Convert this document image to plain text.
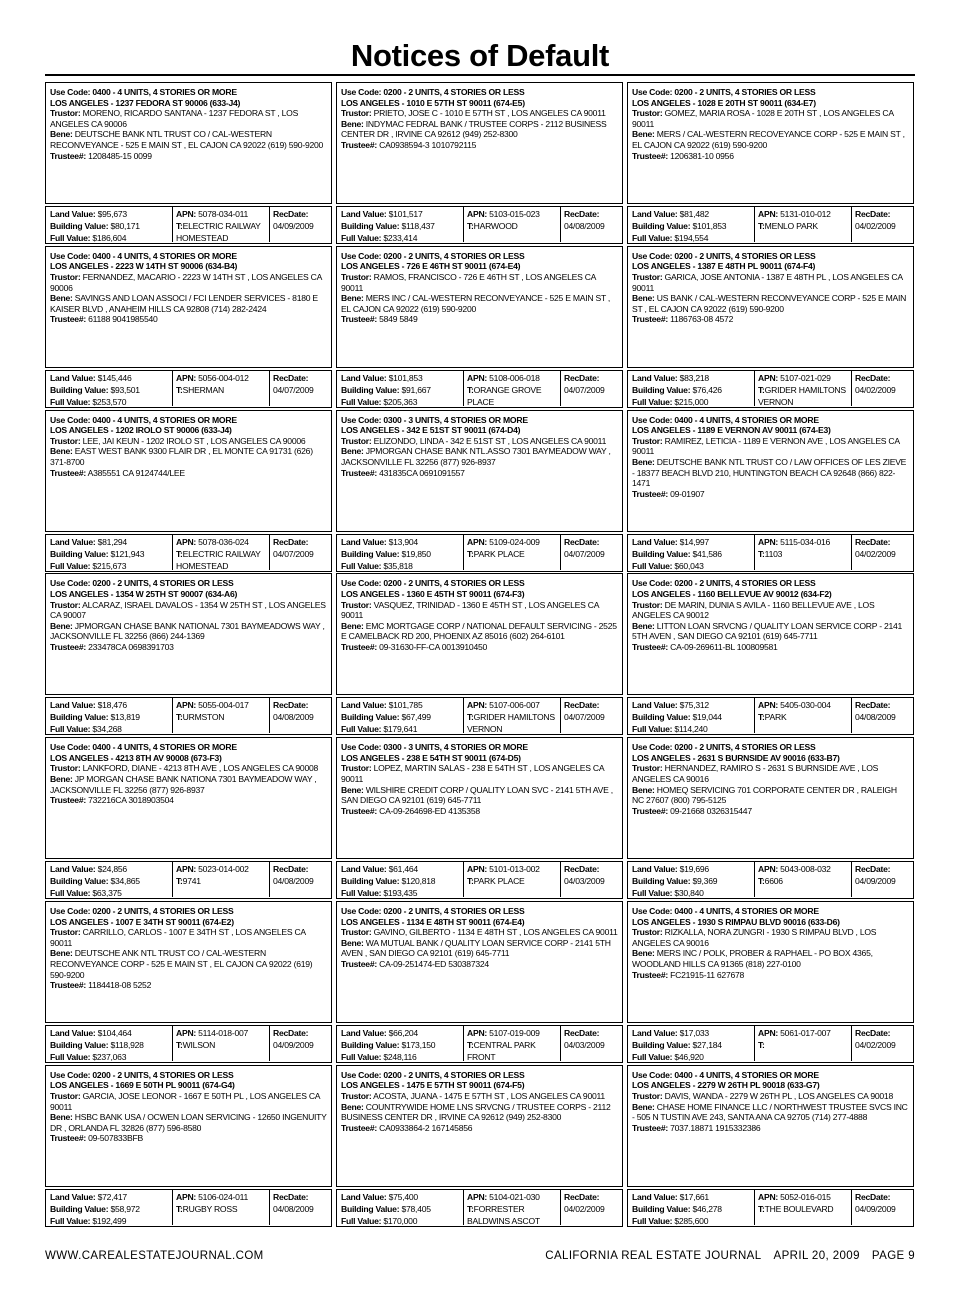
Notices of Default
Use Code: 0400 - 4 UNITS, 4 STORIES OR MORE
LOS ANGELES - 1237 FEDORA ST 90006 (633-J4)
Trustor: MORENO, RICARDO SANTANA - 1237 FEDORA ST , LOS ANGELES CA 90006
Bene: DEUTSCHE BANK NTL TRUST CO / CAL-WESTERN RECONVEYANCE - 525 E MAIN ST , EL CAJON CA 92022 (619) 590-9200
Trustee#: 1208485-15 0099
Land Value: $95,673
Building Value: $80,171
Full Value: $186,604
APN: 5078-034-011
T:ELECTRIC RAILWAY
HOMESTEAD
RecDate:
04/09/2009
Use Code: 0400 - 4 UNITS, 4 STORIES OR MORE
LOS ANGELES - 2223 W 14TH ST 90006 (634-B4)
Trustor: FERNANDEZ, MACARIO - 2223 W 14TH ST , LOS ANGELES CA 90006
Bene: SAVINGS AND LOAN ASSOCI / FCI LENDER SERVICES - 8180 E KAISER BLVD , ANAHEIM HILLS CA 92808 (714) 282-2424
Trustee#: 61188 9041985540
Land Value: $145,446
Building Value: $93,501
Full Value: $253,570
APN: 5056-004-012
T:SHERMAN
RecDate:
04/07/2009
Use Code: 0400 - 4 UNITS, 4 STORIES OR MORE
LOS ANGELES - 1202 IROLO ST 90006 (633-J4)
Trustor: LEE, JAI KEUN - 1202 IROLO ST , LOS ANGELES CA 90006
Bene: EAST WEST BANK 9300 FLAIR DR , EL MONTE CA 91731 (626) 371-8700
Trustee#: A385551 CA 9124744/LEE
Land Value: $81,294
Building Value: $121,943
Full Value: $215,673
APN: 5078-036-024
T:ELECTRIC RAILWAY
HOMESTEAD
RecDate:
04/07/2009
Use Code: 0200 - 2 UNITS, 4 STORIES OR LESS
LOS ANGELES - 1354 W 25TH ST 90007 (634-A6)
Trustor: ALCARAZ, ISRAEL DAVALOS - 1354 W 25TH ST , LOS ANGELES CA 90007
Bene: JPMORGAN CHASE BANK NATIONAL 7301 BAYMEADOWS WAY , JACKSONVILLE FL 32256 (866) 244-1369
Trustee#: 233478CA 0698391703
Land Value: $18,476
Building Value: $13,819
Full Value: $34,268
APN: 5055-004-017
T:URMSTON
RecDate:
04/08/2009
Use Code: 0400 - 4 UNITS, 4 STORIES OR MORE
LOS ANGELES - 4213 8TH AV 90008 (673-F3)
Trustor: LANKFORD, DIANE - 4213 8TH AVE , LOS ANGELES CA 90008
Bene: JP MORGAN CHASE BANK NATIONA 7301 BAYMEADOW WAY , JACKSONVILLE FL 32256 (877) 926-8937
Trustee#: 732216CA 3018903504
Land Value: $24,856
Building Value: $34,865
Full Value: $63,375
APN: 5023-014-002
T:9741
RecDate:
04/08/2009
Use Code: 0200 - 2 UNITS, 4 STORIES OR LESS
LOS ANGELES - 1007 E 34TH ST 90011 (674-E2)
Trustor: CARRILLO, CARLOS - 1007 E 34TH ST , LOS ANGELES CA 90011
Bene: DEUTSCHE ANK NTL TRUST CO / CAL-WESTERN RECONVEYANCE CORP - 525 E MAIN ST , EL CAJON CA 92022 (619) 590-9200
Trustee#: 1184418-08 5252
Land Value: $104,464
Building Value: $118,928
Full Value: $237,063
APN: 5114-018-007
T:WILSON
RecDate:
04/09/2009
Use Code: 0200 - 2 UNITS, 4 STORIES OR LESS
LOS ANGELES - 1669 E 50TH PL 90011 (674-G4)
Trustor: GARCIA, JOSE LEONOR - 1667 E 50TH PL , LOS ANGELES CA 90011
Bene: HSBC BANK USA / OCWEN LOAN SERVICING - 12650 INGENUITY DR , ORLANDA FL 32826 (877) 596-8580
Trustee#: 09-507833BFB
Land Value: $72,417
Building Value: $58,972
Full Value: $192,499
APN: 5106-024-011
T:RUGBY ROSS
RecDate:
04/08/2009
Use Code: 0200 - 2 UNITS, 4 STORIES OR LESS
LOS ANGELES - 1010 E 57TH ST 90011 (674-E5)
Trustor: PRIETO, JOSE C - 1010 E 57TH ST , LOS ANGELES CA 90011
Bene: INDYMAC FEDRAL BANK / TRUSTEE CORPS - 2112 BUSINESS CENTER DR , IRVINE CA 92612 (949) 252-8300
Trustee#: CA0938594-3 1010792115
Land Value: $101,517
Building Value: $118,437
Full Value: $233,414
APN: 5103-015-023
T:HARWOOD
RecDate:
04/08/2009
Use Code: 0200 - 2 UNITS, 4 STORIES OR LESS
LOS ANGELES - 726 E 46TH ST 90011 (674-E4)
Trustor: RAMOS, FRANCISCO - 726 E 46TH ST , LOS ANGELES CA 90011
Bene: MERS INC / CAL-WESTERN RECONVEYANCE - 525 E MAIN ST , EL CAJON CA 92022 (619) 590-9200
Trustee#: 5849 5849
Land Value: $101,853
Building Value: $91,667
Full Value: $205,363
APN: 5108-006-018
T:ORANGE GROVE
PLACE
RecDate:
04/07/2009
Use Code: 0300 - 3 UNITS, 4 STORIES OR MORE
LOS ANGELES - 342 E 51ST ST 90011 (674-D4)
Trustor: ELIZONDO, LINDA - 342 E 51ST ST , LOS ANGELES CA 90011
Bene: JPMORGAN CHASE BANK NTL.ASSO 7301 BAYMEADOW WAY , JACKSONVILLE FL 32256 (877) 926-8937
Trustee#: 431835CA 0691091557
Land Value: $13,904
Building Value: $19,850
Full Value: $35,818
APN: 5109-024-009
T:PARK PLACE
RecDate:
04/07/2009
Use Code: 0200 - 2 UNITS, 4 STORIES OR LESS
LOS ANGELES - 1360 E 45TH ST 90011 (674-F3)
Trustor: VASQUEZ, TRINIDAD - 1360 E 45TH ST , LOS ANGELES CA 90011
Bene: EMC MORTGAGE CORP / NATIONAL DEFAULT SERVICING - 2525 E CAMELBACK RD 200, PHOENIX AZ 85016 (602) 264-6101
Trustee#: 09-31630-FF-CA 0013910450
Land Value: $101,785
Building Value: $67,499
Full Value: $179,641
APN: 5107-006-007
T:GRIDER HAMILTONS
VERNON
RecDate:
04/07/2009
Use Code: 0300 - 3 UNITS, 4 STORIES OR MORE
LOS ANGELES - 238 E 54TH ST 90011 (674-D5)
Trustor: LOPEZ, MARTIN SALAS - 238 E 54TH ST , LOS ANGELES CA 90011
Bene: WILSHIRE CREDIT CORP / QUALITY LOAN SVC - 2141 5TH AVE , SAN DIEGO CA 92101 (619) 645-7711
Trustee#: CA-09-264698-ED 4135358
Land Value: $61,464
Building Value: $120,818
Full Value: $193,435
APN: 5101-013-002
T:PARK PLACE
RecDate:
04/03/2009
Use Code: 0200 - 2 UNITS, 4 STORIES OR LESS
LOS ANGELES - 1134 E 48TH ST 90011 (674-E4)
Trustor: GAVINO, GILBERTO - 1134 E 48TH ST , LOS ANGELES CA 90011
Bene: WA MUTUAL BANK / QUALITY LOAN SERVICE CORP - 2141 5TH AVEN , SAN DIEGO CA 92101 (619) 645-7711
Trustee#: CA-09-251474-ED 530387324
Land Value: $66,204
Building Value: $173,150
Full Value: $248,116
APN: 5107-019-009
T:CENTRAL PARK
FRONT
RecDate:
04/03/2009
Use Code: 0200 - 2 UNITS, 4 STORIES OR LESS
LOS ANGELES - 1475 E 57TH ST 90011 (674-F5)
Trustor: ACOSTA, JUANA - 1475 E 57TH ST , LOS ANGELES CA 90011
Bene: COUNTRYWIDE HOME LNS SRVCNG / TRUSTEE CORPS - 2112 BUSINESS CENTER DR , IRVINE CA 92612 (949) 252-8300
Trustee#: CA0933864-2 167145856
Land Value: $75,400
Building Value: $78,405
Full Value: $170,000
APN: 5104-021-030
T:FORRESTER
BALDWINS ASCOT
RecDate:
04/02/2009
Use Code: 0200 - 2 UNITS, 4 STORIES OR LESS
LOS ANGELES - 1028 E 20TH ST 90011 (634-E7)
Trustor: GOMEZ, MARIA ROSA - 1028 E 20TH ST , LOS ANGELES CA 90011
Bene: MERS / CAL-WESTERN RECOVEYANCE CORP - 525 E MAIN ST , EL CAJON CA 92022 (619) 590-9200
Trustee#: 1206381-10 0956
Land Value: $81,482
Building Value: $101,853
Full Value: $194,554
APN: 5131-010-012
T:MENLO PARK
RecDate:
04/02/2009
Use Code: 0200 - 2 UNITS, 4 STORIES OR LESS
LOS ANGELES - 1387 E 48TH PL 90011 (674-F4)
Trustor: GARICA, JOSE ANTONIA - 1387 E 48TH PL , LOS ANGELES CA 90011
Bene: US BANK / CAL-WESTERN RECONVEYANCE CORP - 525 E MAIN ST , EL CAJON CA 92022 (619) 590-9200
Trustee#: 1186763-08 4572
Land Value: $83,218
Building Value: $76,426
Full Value: $215,000
APN: 5107-021-029
T:GRIDER HAMILTONS
VERNON
RecDate:
04/02/2009
Use Code: 0400 - 4 UNITS, 4 STORIES OR MORE
LOS ANGELES - 1189 E VERNON AV 90011 (674-E3)
Trustor: RAMIREZ, LETICIA - 1189 E VERNON AVE , LOS ANGELES CA 90011
Bene: DEUTSCHE BANK NTL TRUST CO / LAW OFFICES OF LES ZIEVE - 18377 BEACH BLVD 210, HUNTINGTON BEACH CA 92648 (866) 822-1471
Trustee#: 09-01907
Land Value: $14,997
Building Value: $41,586
Full Value: $60,043
APN: 5115-034-016
T:1103
RecDate:
04/02/2009
Use Code: 0200 - 2 UNITS, 4 STORIES OR LESS
LOS ANGELES - 1160 BELLEVUE AV 90012 (634-F2)
Trustor: DE MARIN, DUNIA S AVILA - 1160 BELLEVUE AVE , LOS ANGELES CA 90012
Bene: LITTON LOAN SRVCNG / QUALITY LOAN SERVICE CORP - 2141 5TH AVEN , SAN DIEGO CA 92101 (619) 645-7711
Trustee#: CA-09-269611-BL 100809581
Land Value: $75,312
Building Value: $19,044
Full Value: $114,240
APN: 5405-030-004
T:PARK
RecDate:
04/08/2009
Use Code: 0200 - 2 UNITS, 4 STORIES OR LESS
LOS ANGELES - 2631 S BURNSIDE AV 90016 (633-B7)
Trustor: HERNANDEZ, RAMIRO S - 2631 S BURNSIDE AVE , LOS ANGELES CA 90016
Bene: HOMEQ SERVICING 701 CORPORATE CENTER DR , RALEIGH NC 27607 (800) 795-5125
Trustee#: 09-21668 0326315447
Land Value: $19,696
Building Value: $9,369
Full Value: $30,840
APN: 5043-008-032
T:6606
RecDate:
04/09/2009
Use Code: 0400 - 4 UNITS, 4 STORIES OR MORE
LOS ANGELES - 1930 S RIMPAU BLVD 90016 (633-D6)
Trustor: RIZKALLA, NORA ZUNGRI - 1930 S RIMPAU BLVD , LOS ANGELES CA 90016
Bene: MERS INC / POLK, PROBER & RAPHAEL - PO BOX 4365, WOODLAND HILLS CA 91365 (818) 227-0100
Trustee#: FC21915-11 627678
Land Value: $17,033
Building Value: $27,184
Full Value: $46,920
APN: 5061-017-007
T:
RecDate:
04/02/2009
Use Code: 0400 - 4 UNITS, 4 STORIES OR MORE
LOS ANGELES - 2279 W 26TH PL 90018 (633-G7)
Trustor: DAVIS, WANDA - 2279 W 26TH PL , LOS ANGELES CA 90018
Bene: CHASE HOME FINANCE LLC / NORTHWEST TRUSTEE SVCS INC - 505 N TUSTIN AVE 243, SANTA ANA CA 92705 (714) 277-4888
Trustee#: 7037.18871 1915332386
Land Value: $17,661
Building Value: $46,278
Full Value: $285,600
APN: 5052-016-015
T:THE BOULEVARD
RecDate:
04/09/2009
WWW.CAREALESTATEJOURNAL.COM	CALIFORNIA REAL ESTATE JOURNAL APRIL 20, 2009 PAGE 9
